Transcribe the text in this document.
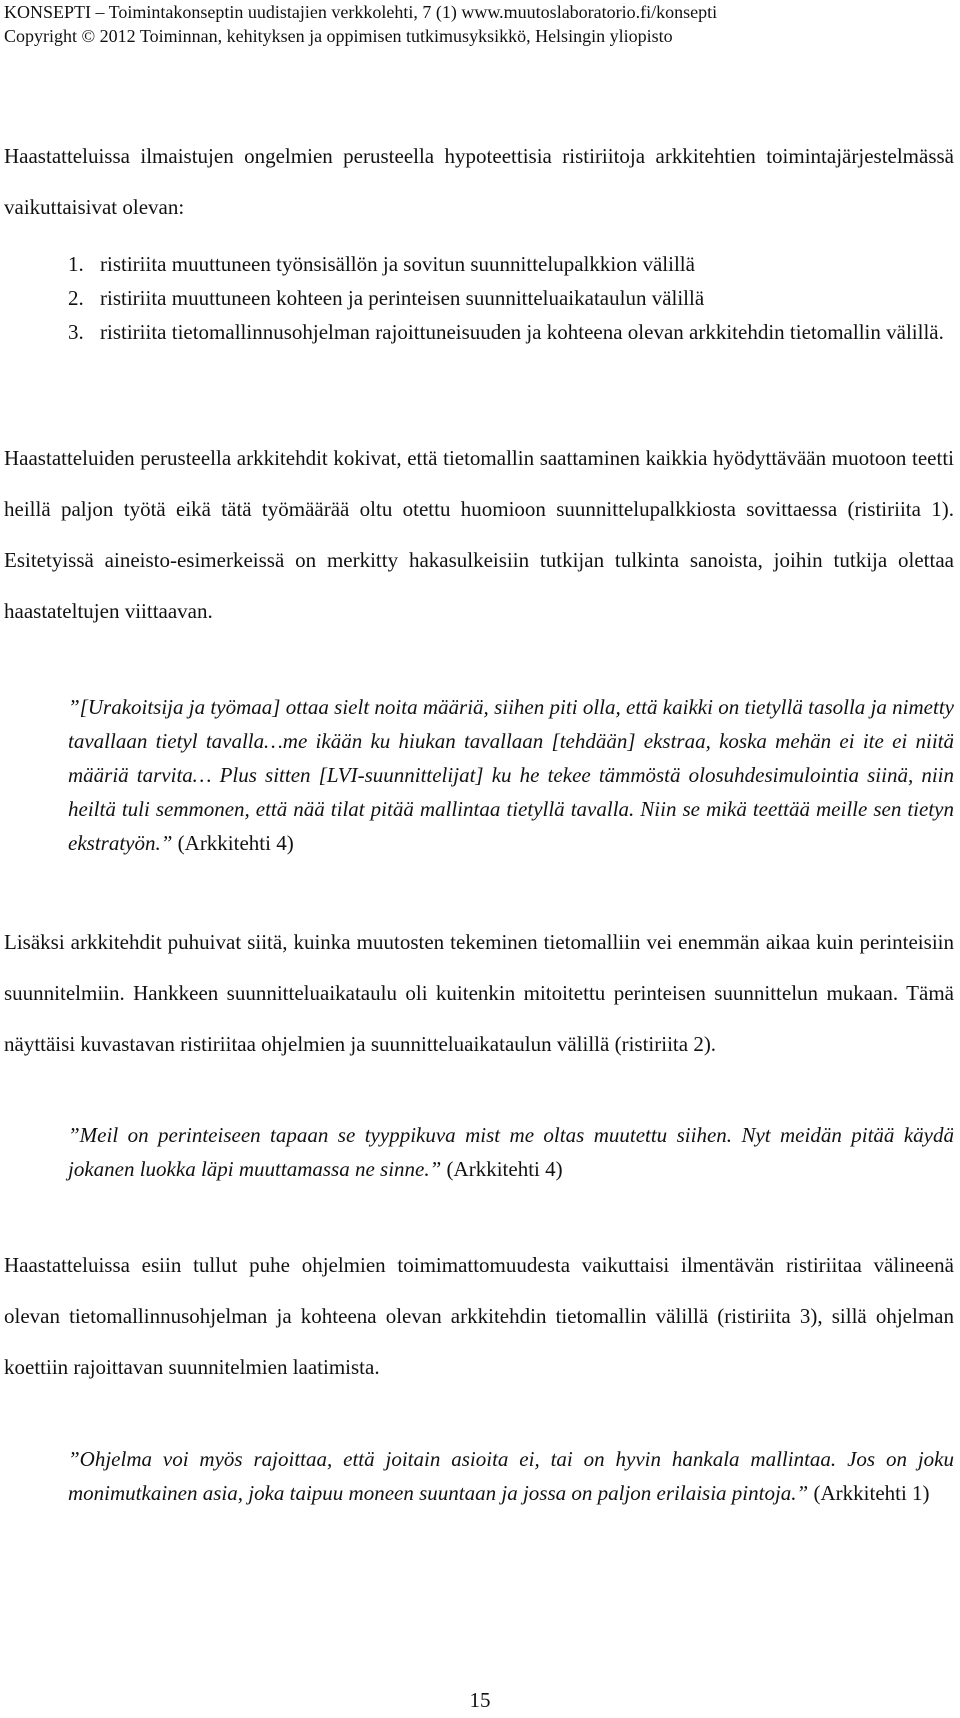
KONSEPTI – Toimintakonseptin uudistajien verkkolehti, 7 (1) www.muutoslaboratorio.fi/konsepti
Copyright © 2012 Toiminnan, kehityksen ja oppimisen tutkimusyksikkö, Helsingin yliopisto
Haastatteluissa ilmaistujen ongelmien perusteella hypoteettisia ristiriitoja arkkitehtien toimintajärjestelmässä vaikuttaisivat olevan:
1. ristiriita muuttuneen työnsisällön ja sovitun suunnittelupalkkion välillä
2. ristiriita muuttuneen kohteen ja perinteisen suunnitteluaikataulun välillä
3. ristiriita tietomallinnusohjelman rajoittuneisuuden ja kohteena olevan arkkitehdin tietomallin välillä.
Haastatteluiden perusteella arkkitehdit kokivat, että tietomallin saattaminen kaikkia hyödyttävään muotoon teetti heillä paljon työtä eikä tätä työmäärää oltu otettu huomioon suunnittelupalkkiosta sovittaessa (ristiriita 1). Esitetyissä aineisto-esimerkeissä on merkitty hakasulkeisiin tutkijan tulkinta sanoista, joihin tutkija olettaa haastateltujen viittaavan.
”[Urakoitsija ja työmaa] ottaa sielt noita määriä, siihen piti olla, että kaikki on tietyllä tasolla ja nimetty tavallaan tietyl tavalla…me ikään ku hiukan tavallaan [tehdään] ekstraa, koska mehän ei ite ei niitä määriä tarvita… Plus sitten [LVI-suunnittelijat] ku he tekee tämmöstä olosuhdesimulointia siinä, niin heiltä tuli semmonen, että nää tilat pitää mallintaa tietyllä tavalla. Niin se mikä teettää meille sen tietyn ekstratyön.” (Arkkitehti 4)
Lisäksi arkkitehdit puhuivat siitä, kuinka muutosten tekeminen tietomalliin vei enemmän aikaa kuin perinteisiin suunnitelmiin. Hankkeen suunnitteluaikataulu oli kuitenkin mitoitettu perinteisen suunnittelun mukaan. Tämä näyttäisi kuvastavan ristiriitaa ohjelmien ja suunnitteluaikataulun välillä (ristiriita 2).
”Meil on perinteiseen tapaan se tyyppikuva mist me oltas muutettu siihen. Nyt meidän pitää käydä jokanen luokka läpi muuttamassa ne sinne.” (Arkkitehti 4)
Haastatteluissa esiin tullut puhe ohjelmien toimimattomuudesta vaikuttaisi ilmentävän ristiriitaa välineenä olevan tietomallinnusohjelman ja kohteena olevan arkkitehdin tietomallin välillä (ristiriita 3), sillä ohjelman koettiin rajoittavan suunnitelmien laatimista.
”Ohjelma voi myös rajoittaa, että joitain asioita ei, tai on hyvin hankala mallintaa. Jos on joku monimutkainen asia, joka taipuu moneen suuntaan ja jossa on paljon erilaisia pintoja.” (Arkkitehti 1)
15
